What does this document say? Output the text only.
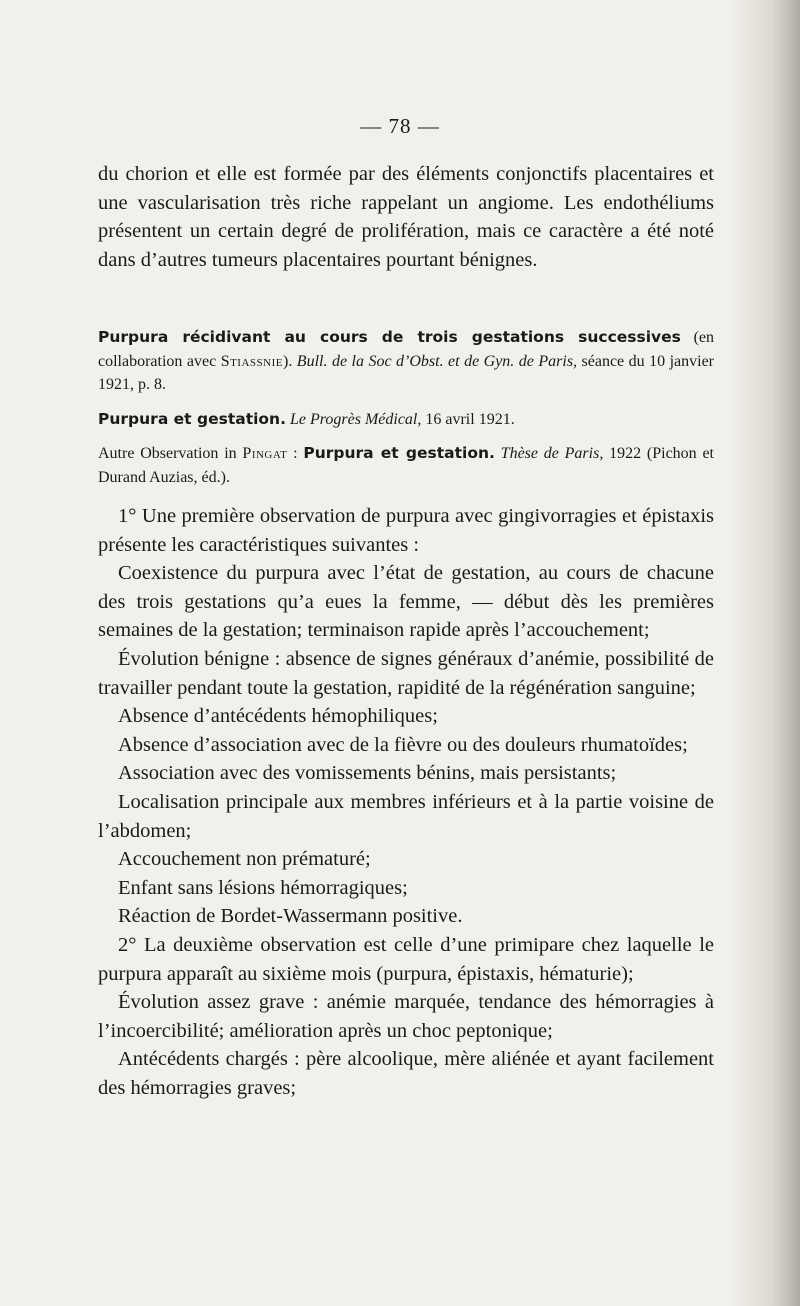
— 78 —
du chorion et elle est formée par des éléments conjonctifs placentaires et une vascularisation très riche rappelant un angiome. Les endothéliums présentent un certain degré de prolifération, mais ce caractère a été noté dans d’autres tumeurs placentaires pourtant bénignes.

Purpura récidivant au cours de trois gestations successives (en collaboration avec Stiassnie). Bull. de la Soc d’Obst. et de Gyn. de Paris, séance du 10 janvier 1921, p. 8.

Purpura et gestation. Le Progrès Médical, 16 avril 1921.

Autre Observation in Pingat : Purpura et gestation. Thèse de Paris, 1922 (Pichon et Durand Auzias, éd.).

1° Une première observation de purpura avec gingivorragies et épistaxis présente les caractéristiques suivantes :

Coexistence du purpura avec l’état de gestation, au cours de chacune des trois gestations qu’a eues la femme, — début dès les premières semaines de la gestation; terminaison rapide après l’accouchement;

Évolution bénigne : absence de signes généraux d’anémie, possibilité de travailler pendant toute la gestation, rapidité de la régénération sanguine;

Absence d’antécédents hémophiliques;

Absence d’association avec de la fièvre ou des douleurs rhumatoïdes;

Association avec des vomissements bénins, mais persistants;

Localisation principale aux membres inférieurs et à la partie voisine de l’abdomen;

Accouchement non prématuré;

Enfant sans lésions hémorragiques;

Réaction de Bordet-Wassermann positive.

2° La deuxième observation est celle d’une primipare chez laquelle le purpura apparaît au sixième mois (purpura, épistaxis, hématurie);

Évolution assez grave : anémie marquée, tendance des hémorragies à l’incoercibilité; amélioration après un choc peptonique;

Antécédents chargés : père alcoolique, mère aliénée et ayant facilement des hémorragies graves;
